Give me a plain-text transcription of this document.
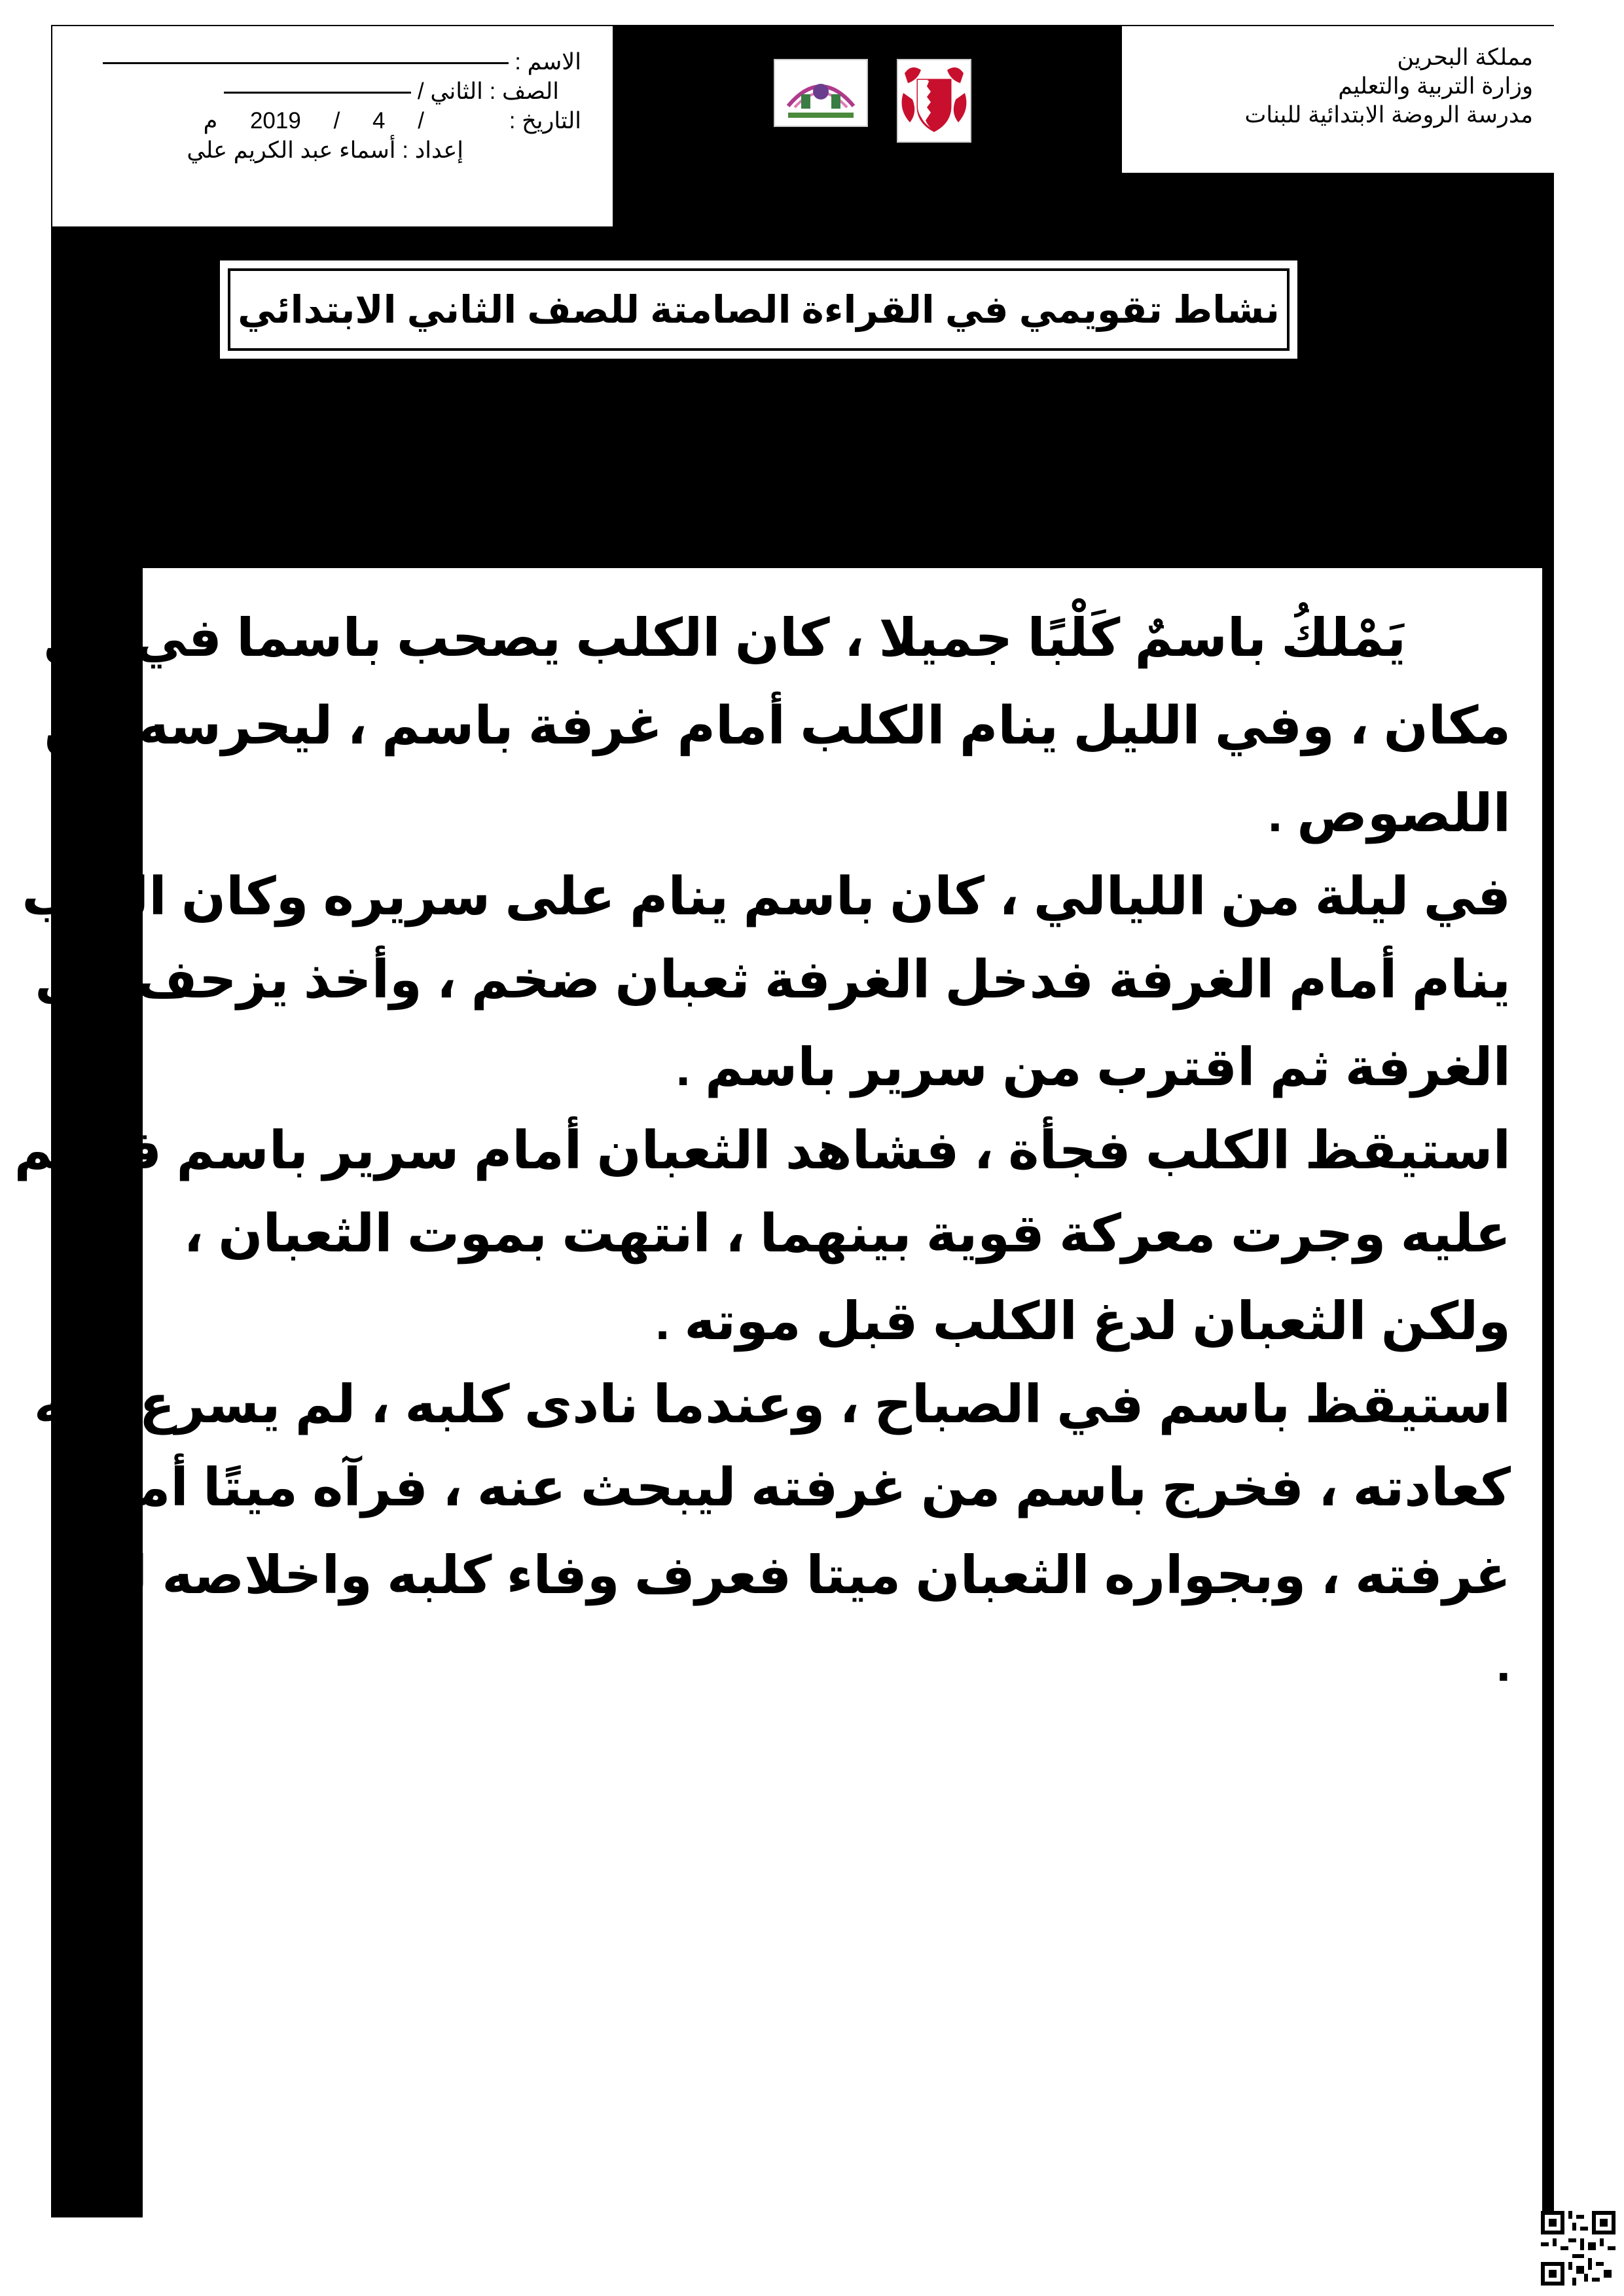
مملكة البحرين
وزارة التربية والتعليم
مدرسة الروضة الابتدائية للبنات
الاسم :
الصف : الثاني /
التاريخ : / 4 / 2019 م
إعداد : أسماء عبد الكريم علي
نشاط تقويمي في القراءة الصامتة للصف الثاني الابتدائي
يَمْلكُ باسمٌ كَلْبًا جميلا ، كان الكلب يصحب باسما في كل
مكان ، وفي الليل ينام الكلب أمام غرفة باسم ، ليحرسه من
اللصوص .
في ليلة من الليالي ، كان باسم ينام على سريره وكان الكلب
ينام أمام الغرفة فدخل الغرفة ثعبان ضخم ، وأخذ يزحف في
الغرفة ثم اقترب من سرير باسم .
استيقظ الكلب فجأة ، فشاهد الثعبان أمام سرير باسم فهجم
عليه وجرت معركة قوية بينهما ، انتهت بموت الثعبان ،
ولكن الثعبان لدغ الكلب قبل موته .
استيقظ باسم في الصباح ، وعندما نادى كلبه ، لم يسرع إليه
كعادته ، فخرج باسم من غرفته ليبحث عنه ، فرآه ميتًا أمام
غرفته ، وبجواره الثعبان ميتا فعرف وفاء كلبه واخلاصه له
.
